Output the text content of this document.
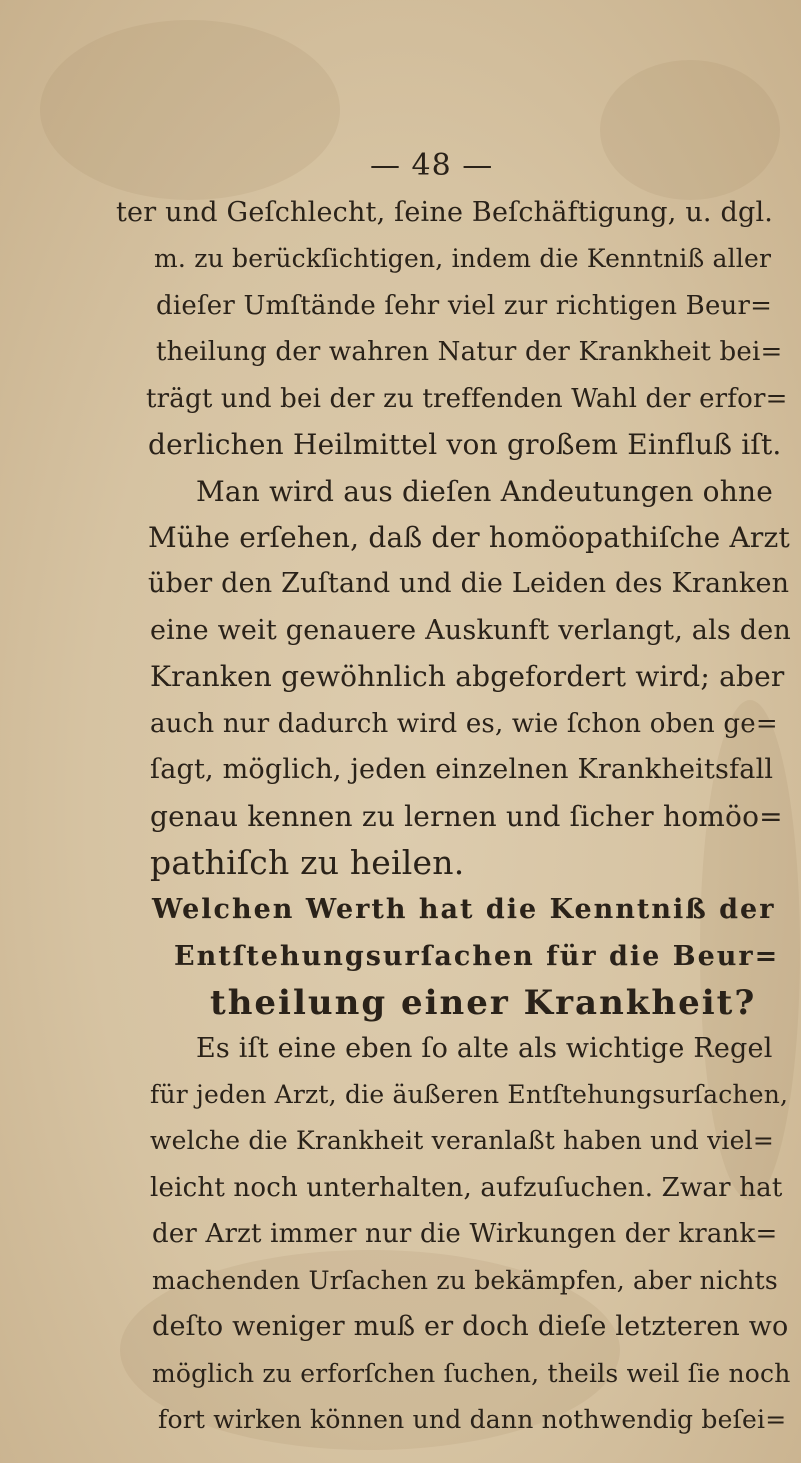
— 48 —
ter und Geſchlecht, ſeine Beſchäftigung, u. dgl.
m. zu berückſichtigen, indem die Kenntniß aller
dieſer Umſtände ſehr viel zur richtigen Beur=
theilung der wahren Natur der Krankheit bei=
trägt und bei der zu treffenden Wahl der erfor=
derlichen Heilmittel von großem Einfluß iſt.
Man wird aus dieſen Andeutungen ohne
Mühe erſehen, daß der homöopathiſche Arzt
über den Zuſtand und die Leiden des Kranken
eine weit genauere Auskunft verlangt, als den
Kranken gewöhnlich abgefordert wird; aber
auch nur dadurch wird es, wie ſchon oben ge=
ſagt, möglich, jeden einzelnen Krankheitsfall
genau kennen zu lernen und ſicher homöo=
pathiſch zu heilen.
Welchen Werth hat die Kenntniß der
Entſtehungsurſachen für die Beur=
theilung einer Krankheit?
Es iſt eine eben ſo alte als wichtige Regel
für jeden Arzt, die äußeren Entſtehungsurſachen,
welche die Krankheit veranlaßt haben und viel=
leicht noch unterhalten, aufzuſuchen. Zwar hat
der Arzt immer nur die Wirkungen der krank=
machenden Urſachen zu bekämpfen, aber nichts
deſto weniger muß er doch dieſe letzteren wo
möglich zu erforſchen ſuchen, theils weil ſie noch
fort wirken können und dann nothwendig beſei=
